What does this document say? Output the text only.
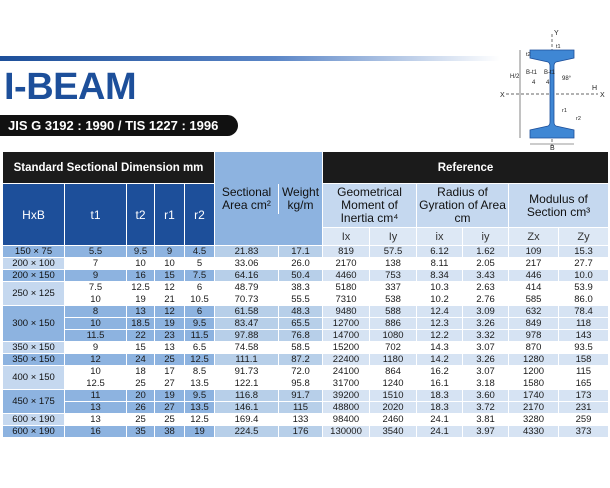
I-BEAM
JIS G 3192 : 1990 / TIS 1227 : 1996
Y
X	X
H
H/2
B-t1 B-t1
4 4
t2
98°
r1
r2
t1
B
Standard Sectional Dimension mm					Sectional Area cm²
Weight kg/m		Reference					
HxB	t1	t2	r1	r2			Geometrical Moment of Inertia cm⁴		Radius of Gyration of Area cm		Modulus of Section cm³	
							Ix	Iy	ix	iy	Zx	Zy
150 × 75	5.5	9.5	9	4.5	21.83	17.1	819	57.5	6.12	1.62	109	15.3
200 × 100	7	10	10	5	33.06	26.0	2170	138	8.11	2.05	217	27.7
200 × 150	9	16	15	7.5	64.16	50.4	4460	753	8.34	3.43	446	10.0
250 × 125	7.5	12.5	12	6	48.79	38.3	5180	337	10.3	2.63	414	53.9
	10	19	21	10.5	70.73	55.5	7310	538	10.2	2.76	585	86.0
300 × 150	8	13	12	6	61.58	48.3	9480	588	12.4	3.09	632	78.4
	10	18.5	19	9.5	83.47	65.5	12700	886	12.3	3.26	849	118
	11.5	22	23	11.5	97.88	76.8	14700	1080	12.2	3.32	978	143
350 × 150	9	15	13	6.5	74.58	58.5	15200	702	14.3	3.07	870	93.5
350 × 150	12	24	25	12.5	111.1	87.2	22400	1180	14.2	3.26	1280	158
400 × 150	10	18	17	8.5	91.73	72.0	24100	864	16.2	3.07	1200	115
	12.5	25	27	13.5	122.1	95.8	31700	1240	16.1	3.18	1580	165
450 × 175	11	20	19	9.5	116.8	91.7	39200	1510	18.3	3.60	1740	173
	13	26	27	13.5	146.1	115	48800	2020	18.3	3.72	2170	231
600 × 190	13	25	25	12.5	169.4	133	98400	2460	24.1	3.81	3280	259
600 × 190	16	35	38	19	224.5	176	130000	3540	24.1	3.97	4330	373
